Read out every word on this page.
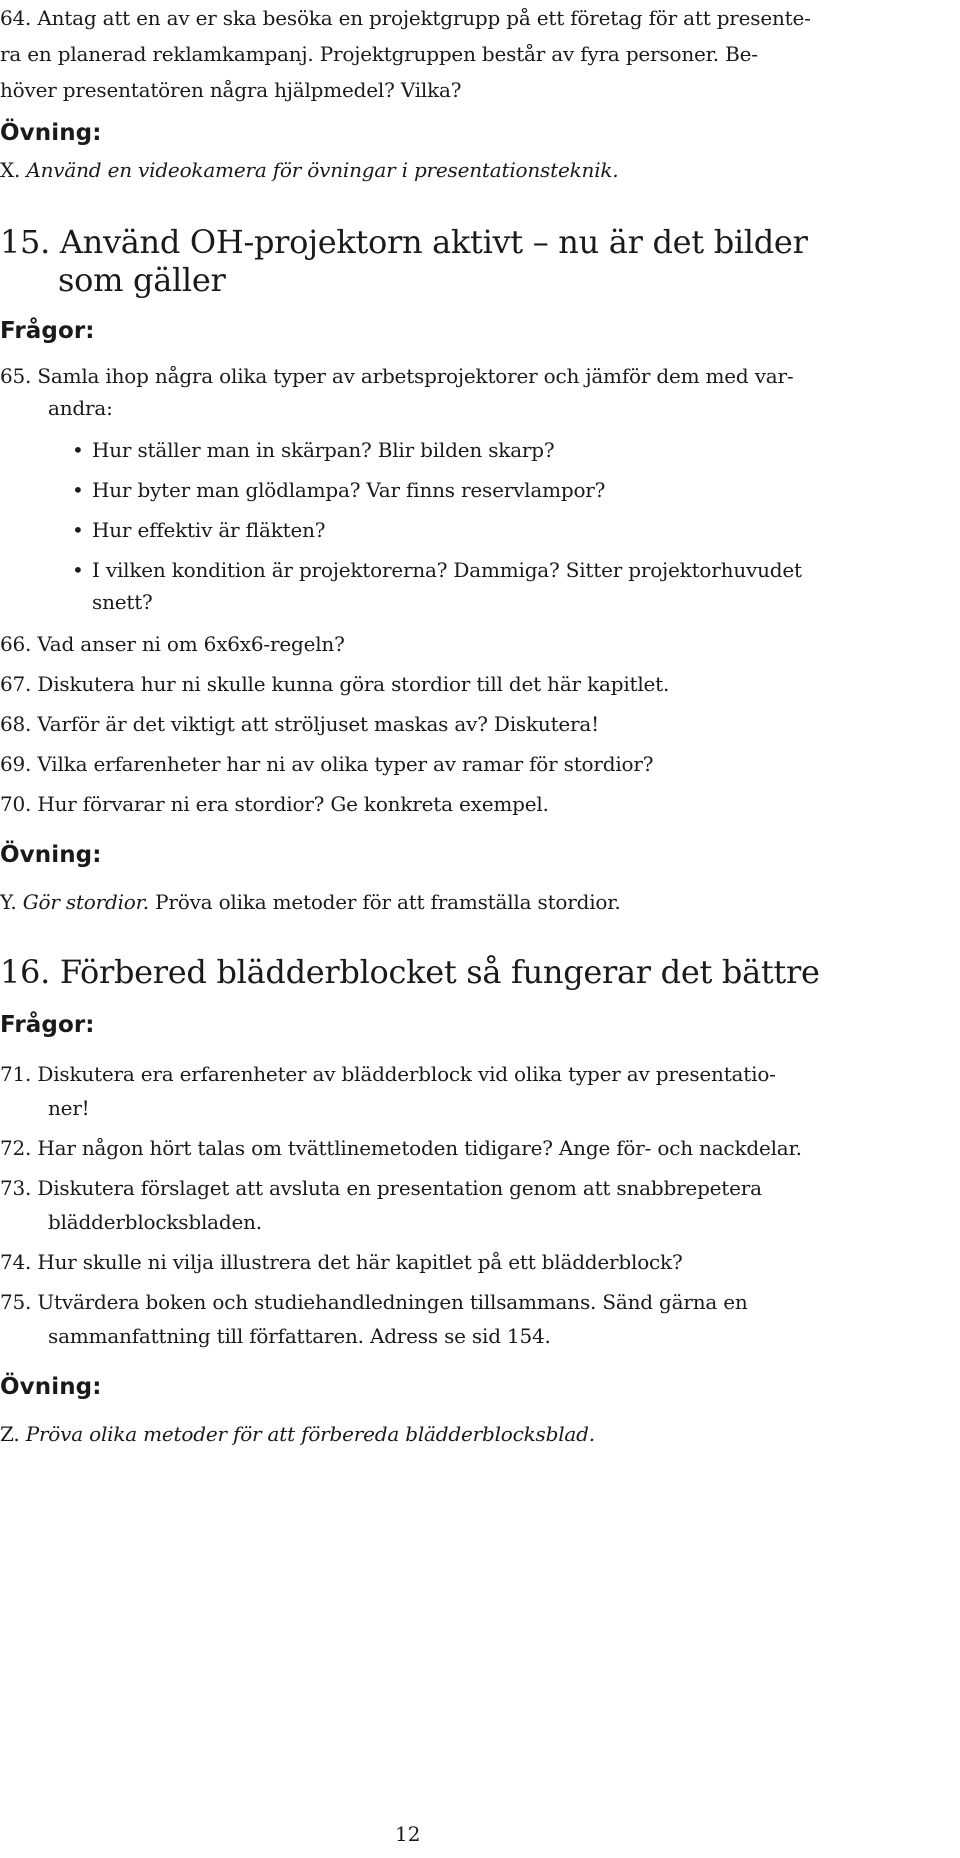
64. Antag att en av er ska besöka en projektgrupp på ett företag för att presente-
ra en planerad reklamkampanj. Projektgruppen består av fyra personer. Be-
höver presentatören några hjälpmedel? Vilka?
Övning:
X. Använd en videokamera för övningar i presentationsteknik.
15. Använd OH-projektorn aktivt – nu är det bilder
som gäller
Frågor:
65. Samla ihop några olika typer av arbetsprojektorer och jämför dem med var-
andra:
• Hur ställer man in skärpan? Blir bilden skarp?
• Hur byter man glödlampa? Var finns reservlampor?
• Hur effektiv är fläkten?
• I vilken kondition är projektorerna? Dammiga? Sitter projektorhuvudet
snett?
66. Vad anser ni om 6x6x6-regeln?
67. Diskutera hur ni skulle kunna göra stordior till det här kapitlet.
68. Varför är det viktigt att ströljuset maskas av? Diskutera!
69. Vilka erfarenheter har ni av olika typer av ramar för stordior?
70. Hur förvarar ni era stordior? Ge konkreta exempel.
Övning:
Y. Gör stordior. Pröva olika metoder för att framställa stordior.
16. Förbered blädderblocket så fungerar det bättre
Frågor:
71. Diskutera era erfarenheter av blädderblock vid olika typer av presentatio-
ner!
72. Har någon hört talas om tvättlinemetoden tidigare? Ange för- och nackdelar.
73. Diskutera förslaget att avsluta en presentation genom att snabbrepetera
blädderblocksbladen.
74. Hur skulle ni vilja illustrera det här kapitlet på ett blädderblock?
75. Utvärdera boken och studiehandledningen tillsammans. Sänd gärna en
sammanfattning till författaren. Adress se sid 154.
Övning:
Z. Pröva olika metoder för att förbereda blädderblocksblad.
12
